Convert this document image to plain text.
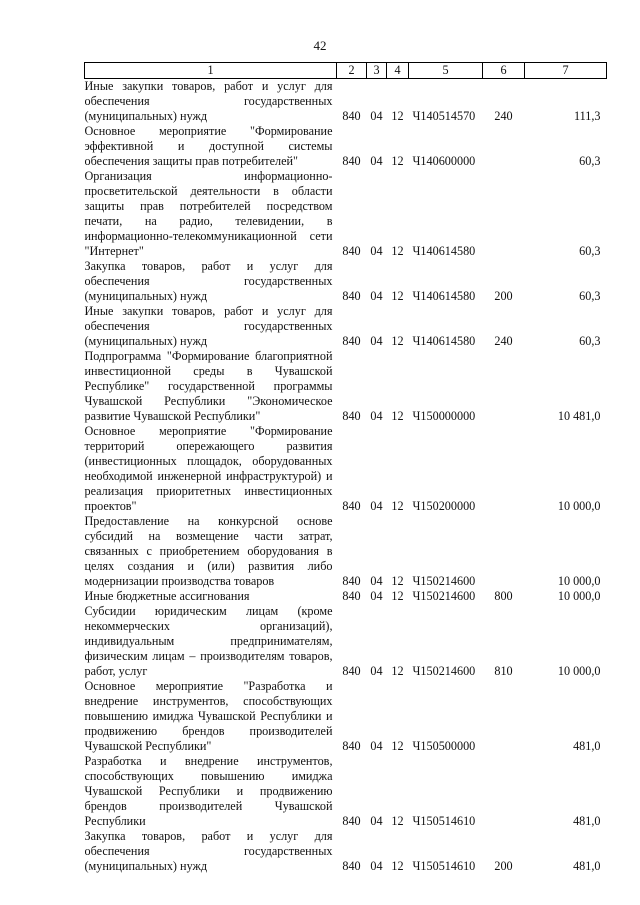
42
1	2	3	4	5	6	7
Иные закупки товаров, работ и услуг для обеспечения государственных (муниципальных) нужд	840	04	12	Ч140514570	240	111,3
Основное мероприятие "Формирование эффективной и доступной системы обеспечения защиты прав потребителей"	840	04	12	Ч140600000		60,3
Организация информационно-просветительской деятельности в области защиты прав потребителей посредством печати, на радио, телевидении, в информационно-телекоммуникационной сети "Интернет"	840	04	12	Ч140614580		60,3
Закупка товаров, работ и услуг для обеспечения государственных (муниципальных) нужд	840	04	12	Ч140614580	200	60,3
Иные закупки товаров, работ и услуг для обеспечения государственных (муниципальных) нужд	840	04	12	Ч140614580	240	60,3
Подпрограмма "Формирование благоприятной инвестиционной среды в Чувашской Республике" государственной программы Чувашской Республики "Экономическое развитие Чувашской Республики"	840	04	12	Ч150000000		10 481,0
Основное мероприятие "Формирование территорий опережающего развития (инвестиционных площадок, оборудованных необходимой инженерной инфраструктурой) и реализация приоритетных инвестиционных проектов"	840	04	12	Ч150200000		10 000,0
Предоставление на конкурсной основе субсидий на возмещение части затрат, связанных с приобретением оборудования в целях создания и (или) развития либо модернизации производства товаров	840	04	12	Ч150214600		10 000,0
Иные бюджетные ассигнования	840	04	12	Ч150214600	800	10 000,0
Субсидии юридическим лицам (кроме некоммерческих организаций), индивидуальным предпринимателям, физическим лицам – производителям товаров, работ, услуг	840	04	12	Ч150214600	810	10 000,0
Основное мероприятие "Разработка и внедрение инструментов, способствующих повышению имиджа Чувашской Республики и продвижению брендов производителей Чувашской Республики"	840	04	12	Ч150500000		481,0
Разработка и внедрение инструментов, способствующих повышению имиджа Чувашской Республики и продвижению брендов производителей Чувашской Республики	840	04	12	Ч150514610		481,0
Закупка товаров, работ и услуг для обеспечения государственных (муниципальных) нужд	840	04	12	Ч150514610	200	481,0
